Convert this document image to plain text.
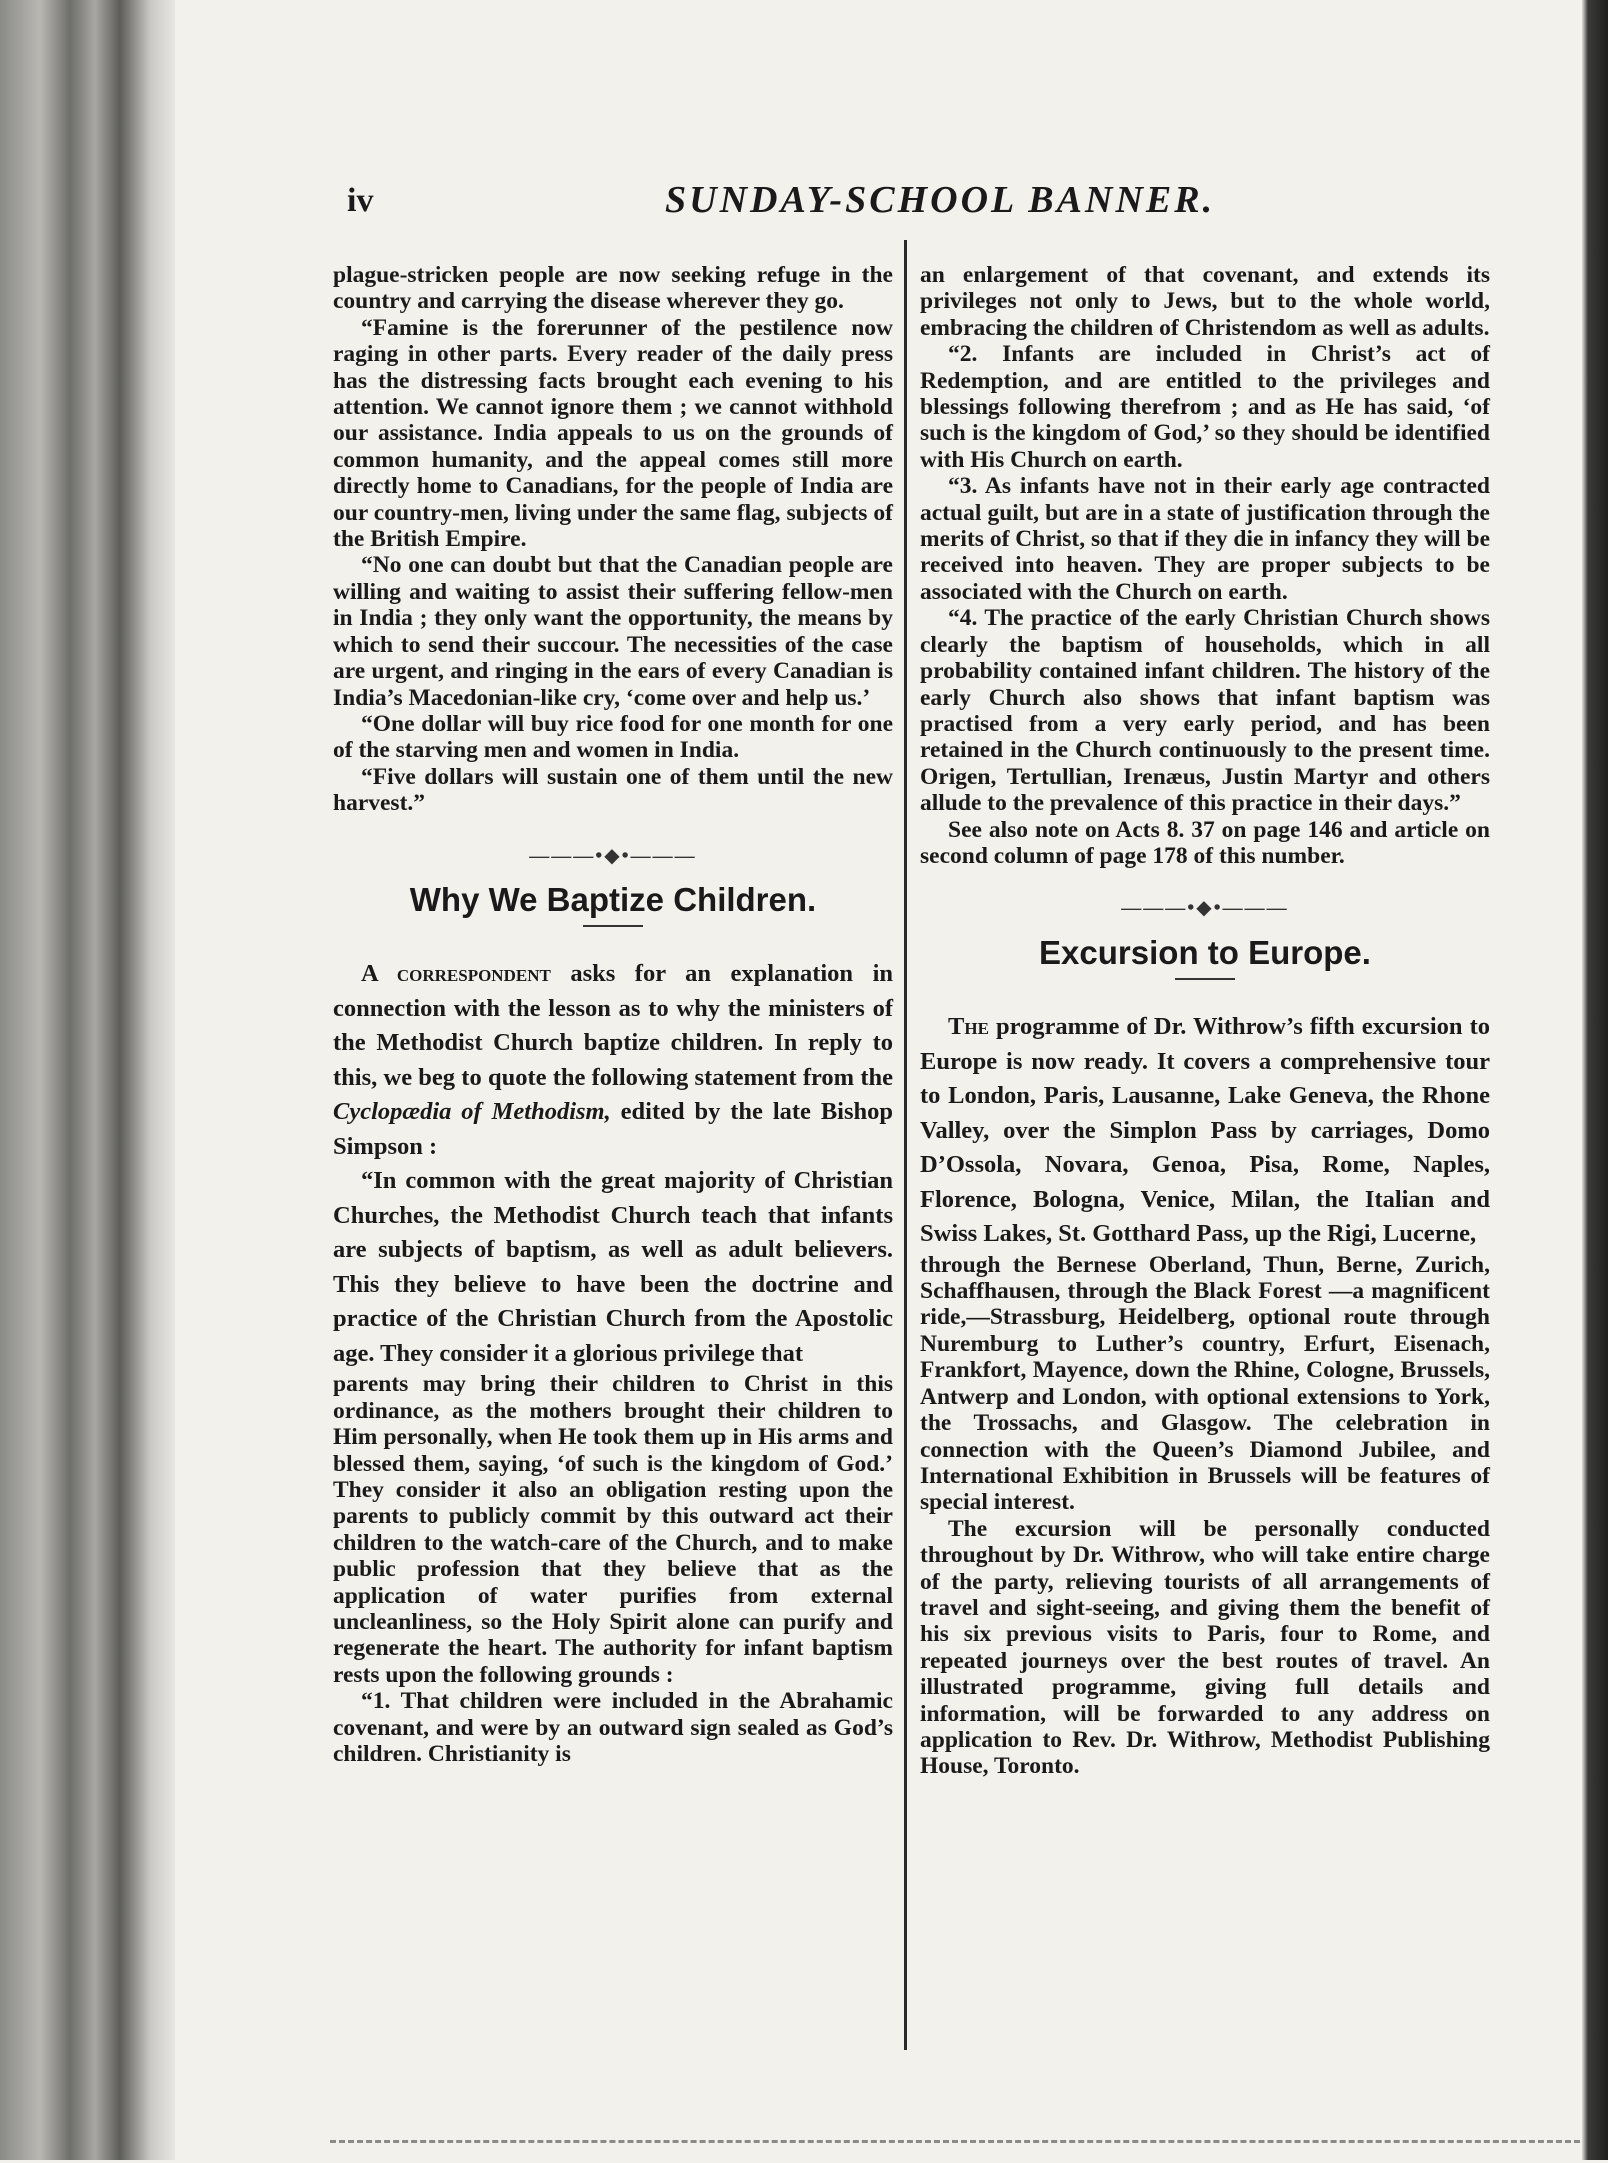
iv	SUNDAY-SCHOOL BANNER.

plague-stricken people are now seeking refuge in the country and carrying the disease wherever they go.

“Famine is the forerunner of the pestilence now raging in other parts. Every reader of the daily press has the distressing facts brought each evening to his attention. We cannot ignore them ; we cannot withhold our assistance. India appeals to us on the grounds of common humanity, and the appeal comes still more directly home to Canadians, for the people of India are our country-men, living under the same flag, subjects of the British Empire.

“No one can doubt but that the Canadian people are willing and waiting to assist their suffering fellow-men in India ; they only want the opportunity, the means by which to send their succour. The necessities of the case are urgent, and ringing in the ears of every Canadian is India’s Macedonian-like cry, ‘come over and help us.’

“One dollar will buy rice food for one month for one of the starving men and women in India.

“Five dollars will sustain one of them until the new harvest.”

———•◆•———
Why We Baptize Children.

A correspondent asks for an explanation in connection with the lesson as to why the ministers of the Methodist Church baptize children. In reply to this, we beg to quote the following statement from the Cyclopædia of Methodism, edited by the late Bishop Simpson :

“In common with the great majority of Christian Churches, the Methodist Church teach that infants are subjects of baptism, as well as adult believers. This they believe to have been the doctrine and practice of the Christian Church from the Apostolic age. They consider it a glorious privilege that

parents may bring their children to Christ in this ordinance, as the mothers brought their children to Him personally, when He took them up in His arms and blessed them, saying, ‘of such is the kingdom of God.’ They consider it also an obligation resting upon the parents to publicly commit by this outward act their children to the watch-care of the Church, and to make public profession that they believe that as the application of water purifies from external uncleanliness, so the Holy Spirit alone can purify and regenerate the heart. The authority for infant baptism rests upon the following grounds :

“1. That children were included in the Abrahamic covenant, and were by an outward sign sealed as God’s children. Christianity is

an enlargement of that covenant, and extends its privileges not only to Jews, but to the whole world, embracing the children of Christendom as well as adults.

“2. Infants are included in Christ’s act of Redemption, and are entitled to the privileges and blessings following therefrom ; and as He has said, ‘of such is the kingdom of God,’ so they should be identified with His Church on earth.

“3. As infants have not in their early age contracted actual guilt, but are in a state of justification through the merits of Christ, so that if they die in infancy they will be received into heaven. They are proper subjects to be associated with the Church on earth.

“4. The practice of the early Christian Church shows clearly the baptism of households, which in all probability contained infant children. The history of the early Church also shows that infant baptism was practised from a very early period, and has been retained in the Church continuously to the present time. Origen, Tertullian, Irenæus, Justin Martyr and others allude to the prevalence of this practice in their days.”

See also note on Acts 8. 37 on page 146 and article on second column of page 178 of this number.

———•◆•———
Excursion to Europe.

The programme of Dr. Withrow’s fifth excursion to Europe is now ready. It covers a comprehensive tour to London, Paris, Lausanne, Lake Geneva, the Rhone Valley, over the Simplon Pass by carriages, Domo D’Ossola, Novara, Genoa, Pisa, Rome, Naples, Florence, Bologna, Venice, Milan, the Italian and Swiss Lakes, St. Gotthard Pass, up the Rigi, Lucerne,

through the Bernese Oberland, Thun, Berne, Zurich, Schaffhausen, through the Black Forest —a magnificent ride,—Strassburg, Heidelberg, optional route through Nuremburg to Luther’s country, Erfurt, Eisenach, Frankfort, Mayence, down the Rhine, Cologne, Brussels, Antwerp and London, with optional extensions to York, the Trossachs, and Glasgow. The celebration in connection with the Queen’s Diamond Jubilee, and International Exhibition in Brussels will be features of special interest.

The excursion will be personally conducted throughout by Dr. Withrow, who will take entire charge of the party, relieving tourists of all arrangements of travel and sight-seeing, and giving them the benefit of his six previous visits to Paris, four to Rome, and repeated journeys over the best routes of travel. An illustrated programme, giving full details and information, will be forwarded to any address on application to Rev. Dr. Withrow, Methodist Publishing House, Toronto.
